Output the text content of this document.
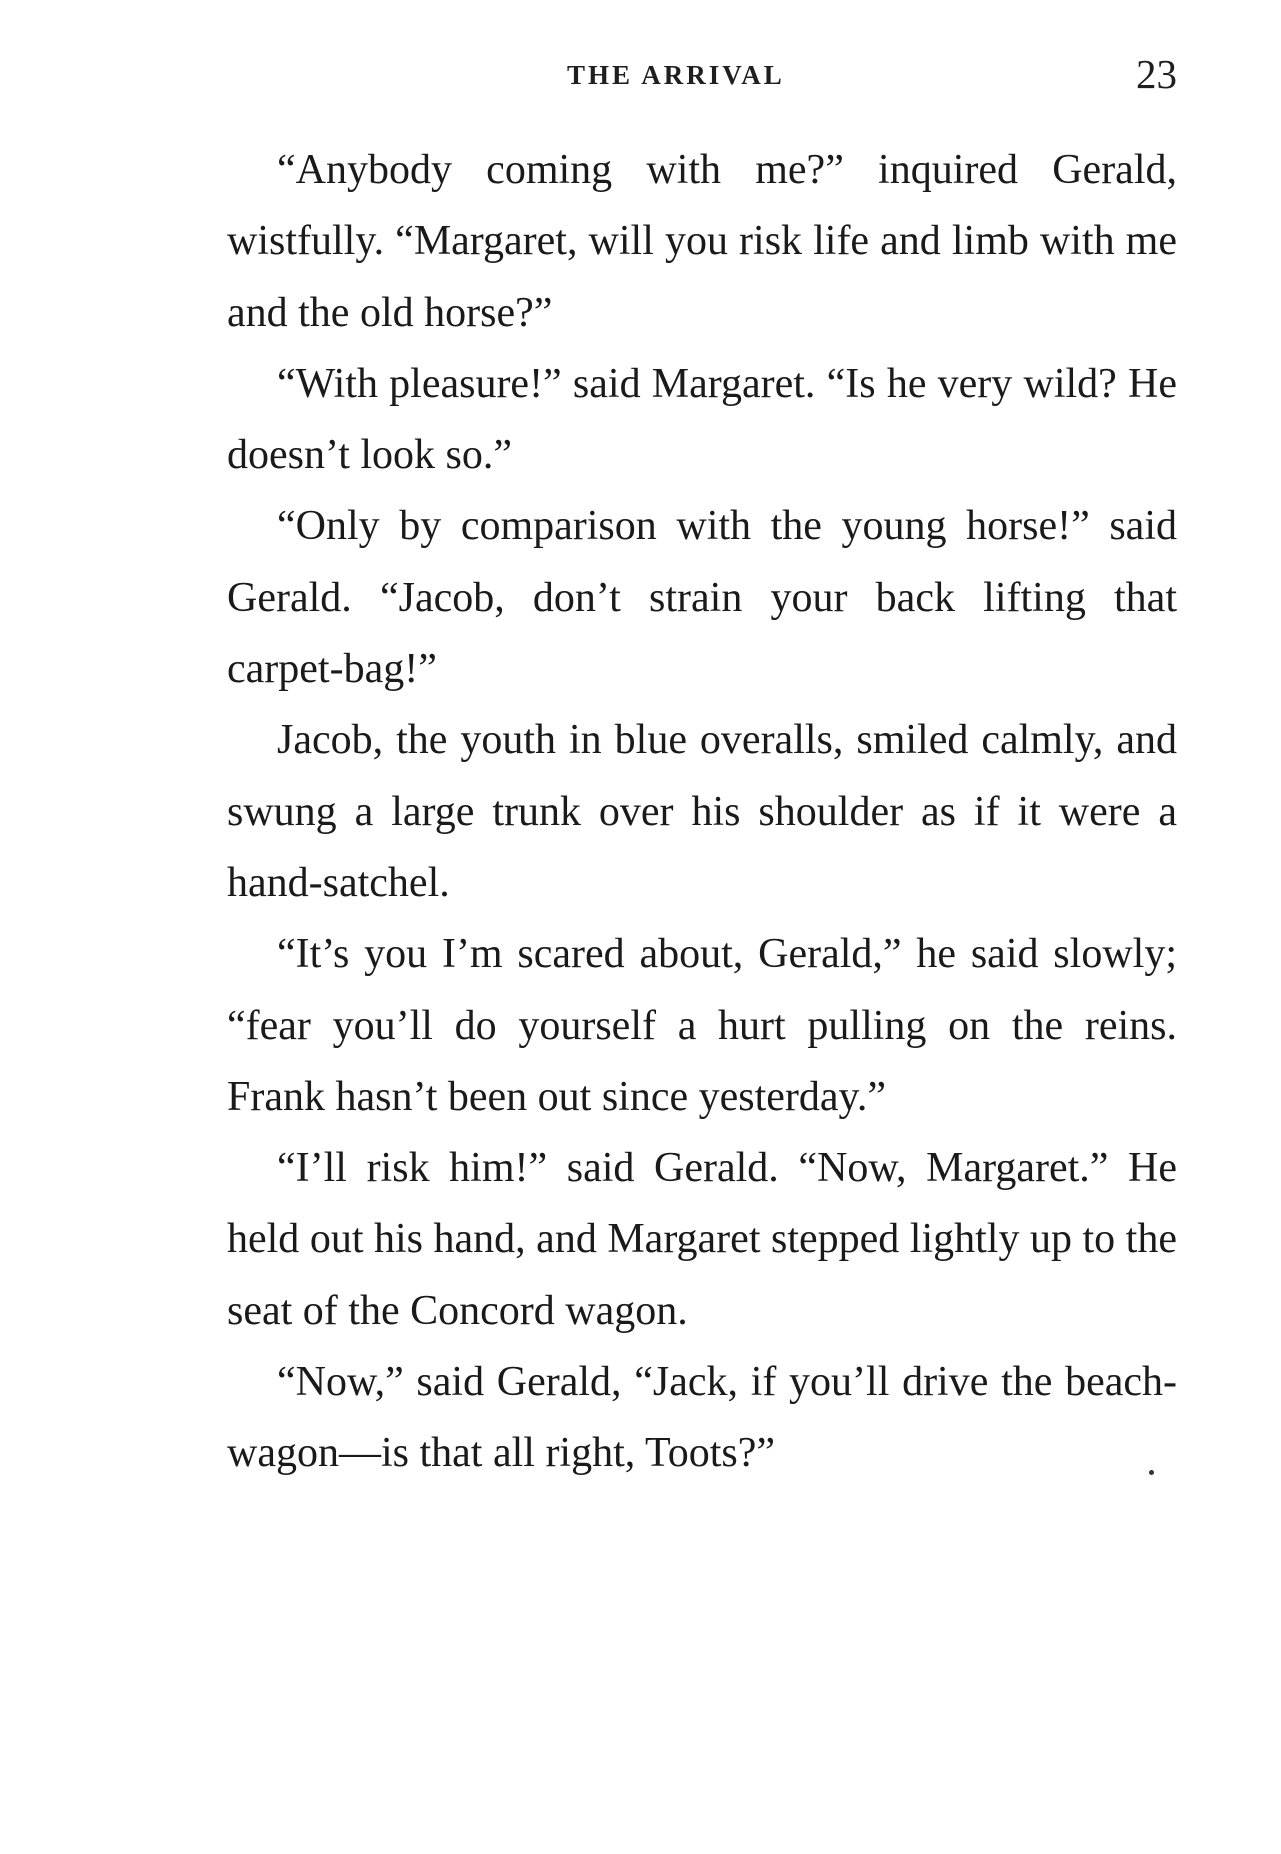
THE ARRIVAL	23

“Anybody coming with me?” inquired Gerald, wistfully. “Margaret, will you risk life and limb with me and the old horse?”

“With pleasure!” said Margaret. “Is he very wild? He doesn’t look so.”

“Only by comparison with the young horse!” said Gerald. “Jacob, don’t strain your back lifting that carpet-bag!”

Jacob, the youth in blue overalls, smiled calmly, and swung a large trunk over his shoulder as if it were a hand-satchel.

“It’s you I’m scared about, Gerald,” he said slowly; “fear you’ll do yourself a hurt pulling on the reins. Frank hasn’t been out since yesterday.”

“I’ll risk him!” said Gerald. “Now, Margaret.” He held out his hand, and Margaret stepped lightly up to the seat of the Concord wagon.

“Now,” said Gerald, “Jack, if you’ll drive the beach-wagon—is that all right, Toots?”
